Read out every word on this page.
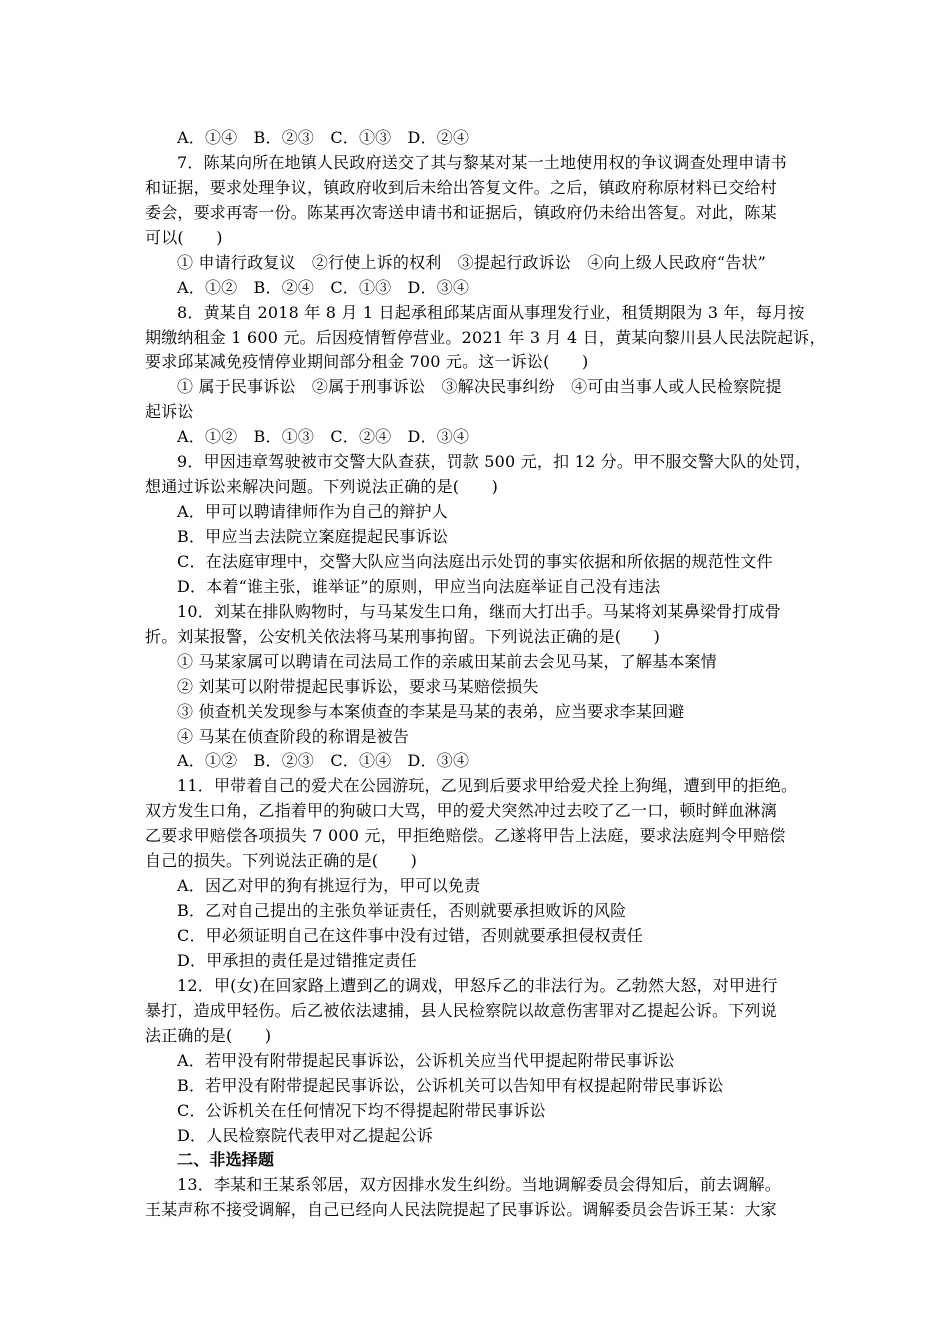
A．①④　B．②③　C．①③　D．②④
7．陈某向所在地镇人民政府送交了其与黎某对某一土地使用权的争议调查处理申请书
和证据，要求处理争议，镇政府收到后未给出答复文件。之后，镇政府称原材料已交给村
委会，要求再寄一份。陈某再次寄送申请书和证据后，镇政府仍未给出答复。对此，陈某
可以(　　)
① 申请行政复议　②行使上诉的权利　③提起行政诉讼　④向上级人民政府“告状”
A．①②　B．②④　C．①③　D．③④
8．黄某自 2018 年 8 月 1 日起承租邱某店面从事理发行业，租赁期限为 3 年，每月按
期缴纳租金 1 600 元。后因疫情暂停营业。2021 年 3 月 4 日，黄某向黎川县人民法院起诉，
要求邱某减免疫情停业期间部分租金 700 元。这一诉讼(　　)
① 属于民事诉讼　②属于刑事诉讼　③解决民事纠纷　④可由当事人或人民检察院提
起诉讼
A．①②　B．①③　C．②④　D．③④
9．甲因违章驾驶被市交警大队查获，罚款 500 元，扣 12 分。甲不服交警大队的处罚，
想通过诉讼来解决问题。下列说法正确的是(　　)
A．甲可以聘请律师作为自己的辩护人
B．甲应当去法院立案庭提起民事诉讼
C．在法庭审理中，交警大队应当向法庭出示处罚的事实依据和所依据的规范性文件
D．本着“谁主张，谁举证”的原则，甲应当向法庭举证自己没有违法
10．刘某在排队购物时，与马某发生口角，继而大打出手。马某将刘某鼻梁骨打成骨
折。刘某报警，公安机关依法将马某刑事拘留。下列说法正确的是(　　)
① 马某家属可以聘请在司法局工作的亲戚田某前去会见马某，了解基本案情
② 刘某可以附带提起民事诉讼，要求马某赔偿损失
③ 侦查机关发现参与本案侦查的李某是马某的表弟，应当要求李某回避
④ 马某在侦查阶段的称谓是被告
A．①②　B．②③　C．①④　D．③④
11．甲带着自己的爱犬在公园游玩，乙见到后要求甲给爱犬拴上狗绳，遭到甲的拒绝。
双方发生口角，乙指着甲的狗破口大骂，甲的爱犬突然冲过去咬了乙一口，顿时鲜血淋漓
乙要求甲赔偿各项损失 7 000 元，甲拒绝赔偿。乙遂将甲告上法庭，要求法庭判令甲赔偿
自己的损失。下列说法正确的是(　　)
A．因乙对甲的狗有挑逗行为，甲可以免责
B．乙对自己提出的主张负举证责任，否则就要承担败诉的风险
C．甲必须证明自己在这件事中没有过错，否则就要承担侵权责任
D．甲承担的责任是过错推定责任
12．甲(女)在回家路上遭到乙的调戏，甲怒斥乙的非法行为。乙勃然大怒，对甲进行
暴打，造成甲轻伤。后乙被依法逮捕，县人民检察院以故意伤害罪对乙提起公诉。下列说
法正确的是(　　)
A．若甲没有附带提起民事诉讼，公诉机关应当代甲提起附带民事诉讼
B．若甲没有附带提起民事诉讼，公诉机关可以告知甲有权提起附带民事诉讼
C．公诉机关在任何情况下均不得提起附带民事诉讼
D．人民检察院代表甲对乙提起公诉
二、非选择题
13．李某和王某系邻居，双方因排水发生纠纷。当地调解委员会得知后，前去调解。
王某声称不接受调解，自己已经向人民法院提起了民事诉讼。调解委员会告诉王某：大家
